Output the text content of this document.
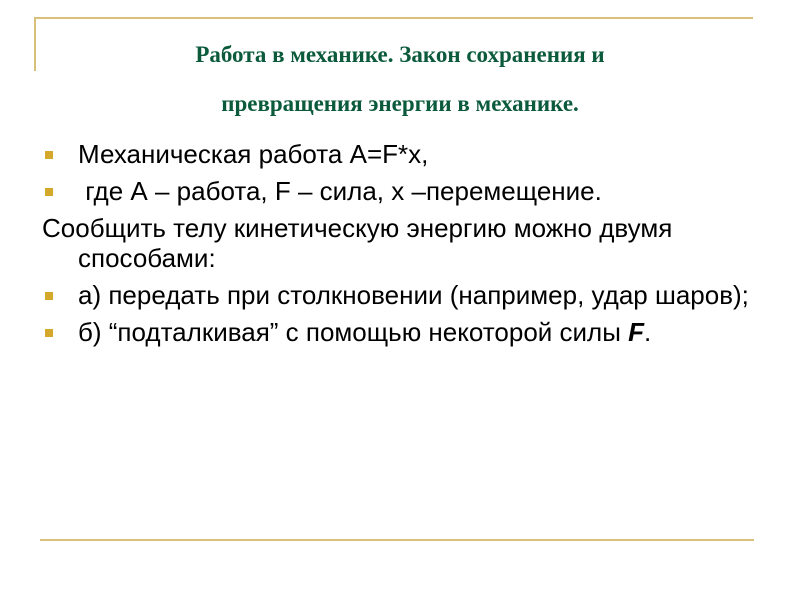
Работа в механике. Закон сохранения и
превращения энергии в механике.
Механическая работа A=F*x,
где А – работа, F – сила, x –перемещение.
Сообщить телу кинетическую энергию можно двумя способами:
а) передать при столкновении (например, удар шаров);
б) “подталкивая” с помощью некоторой силы F.
